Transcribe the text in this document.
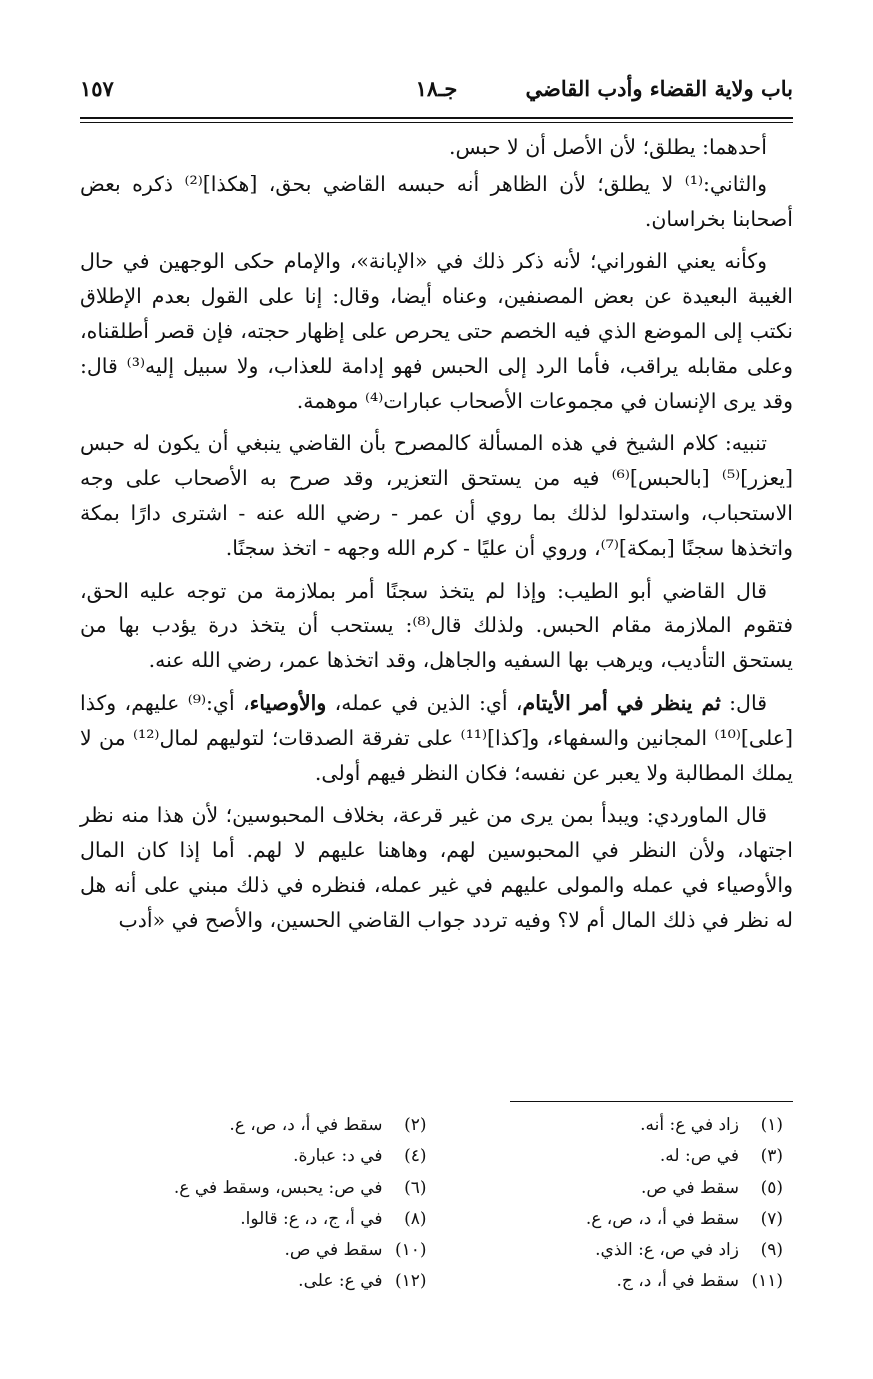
باب ولاية القضاء وأدب القاضي
جـ١٨
١٥٧

أحدهما: يطلق؛ لأن الأصل أن لا حبس.

والثاني:⁽¹⁾ لا يطلق؛ لأن الظاهر أنه حبسه القاضي بحق، [هكذا]⁽²⁾ ذكره بعض أصحابنا بخراسان.

وكأنه يعني الفوراني؛ لأنه ذكر ذلك في «الإبانة»، والإمام حكى الوجهين في حال الغيبة البعيدة عن بعض المصنفين، وعناه أيضا، وقال: إنا على القول بعدم الإطلاق نكتب إلى الموضع الذي فيه الخصم حتى يحرص على إظهار حجته، فإن قصر أطلقناه، وعلى مقابله يراقب، فأما الرد إلى الحبس فهو إدامة للعذاب، ولا سبيل إليه⁽³⁾ قال: وقد يرى الإنسان في مجموعات الأصحاب عبارات⁽⁴⁾ موهمة.

تنبيه: كلام الشيخ في هذه المسألة كالمصرح بأن القاضي ينبغي أن يكون له حبس [يعزر]⁽⁵⁾ [بالحبس]⁽⁶⁾ فيه من يستحق التعزير، وقد صرح به الأصحاب على وجه الاستحباب، واستدلوا لذلك بما روي أن عمر - رضي الله عنه - اشترى دارًا بمكة واتخذها سجنًا [بمكة]⁽⁷⁾، وروي أن عليًا - كرم الله وجهه - اتخذ سجنًا.

قال القاضي أبو الطيب: وإذا لم يتخذ سجنًا أمر بملازمة من توجه عليه الحق، فتقوم الملازمة مقام الحبس. ولذلك قال⁽⁸⁾: يستحب أن يتخذ درة يؤدب بها من يستحق التأديب، ويرهب بها السفيه والجاهل، وقد اتخذها عمر، رضي الله عنه.

قال: ثم ينظر في أمر الأيتام، أي: الذين في عمله، والأوصياء، أي:⁽⁹⁾ عليهم، وكذا [على]⁽¹⁰⁾ المجانين والسفهاء، و[كذا]⁽¹¹⁾ على تفرقة الصدقات؛ لتوليهم لمال⁽¹²⁾ من لا يملك المطالبة ولا يعبر عن نفسه؛ فكان النظر فيهم أولى.

قال الماوردي: ويبدأ بمن يرى من غير قرعة، بخلاف المحبوسين؛ لأن هذا منه نظر اجتهاد، ولأن النظر في المحبوسين لهم، وهاهنا عليهم لا لهم. أما إذا كان المال والأوصياء في عمله والمولى عليهم في غير عمله، فنظره في ذلك مبني على أنه هل له نظر في ذلك المال أم لا؟ وفيه تردد جواب القاضي الحسين، والأصح في «أدب

(١)زاد في ع: أنه.
(٢)سقط في أ، د، ص، ع.
(٣)في ص: له.
(٤)في د: عبارة.
(٥)سقط في ص.
(٦)في ص: يحبس، وسقط في ع.
(٧)سقط في أ، د، ص، ع.
(٨)في أ، ج، د، ع: قالوا.
(٩)زاد في ص، ع: الذي.
(١٠)سقط في ص.
(١١)سقط في أ، د، ج.
(١٢)في ع: على.
